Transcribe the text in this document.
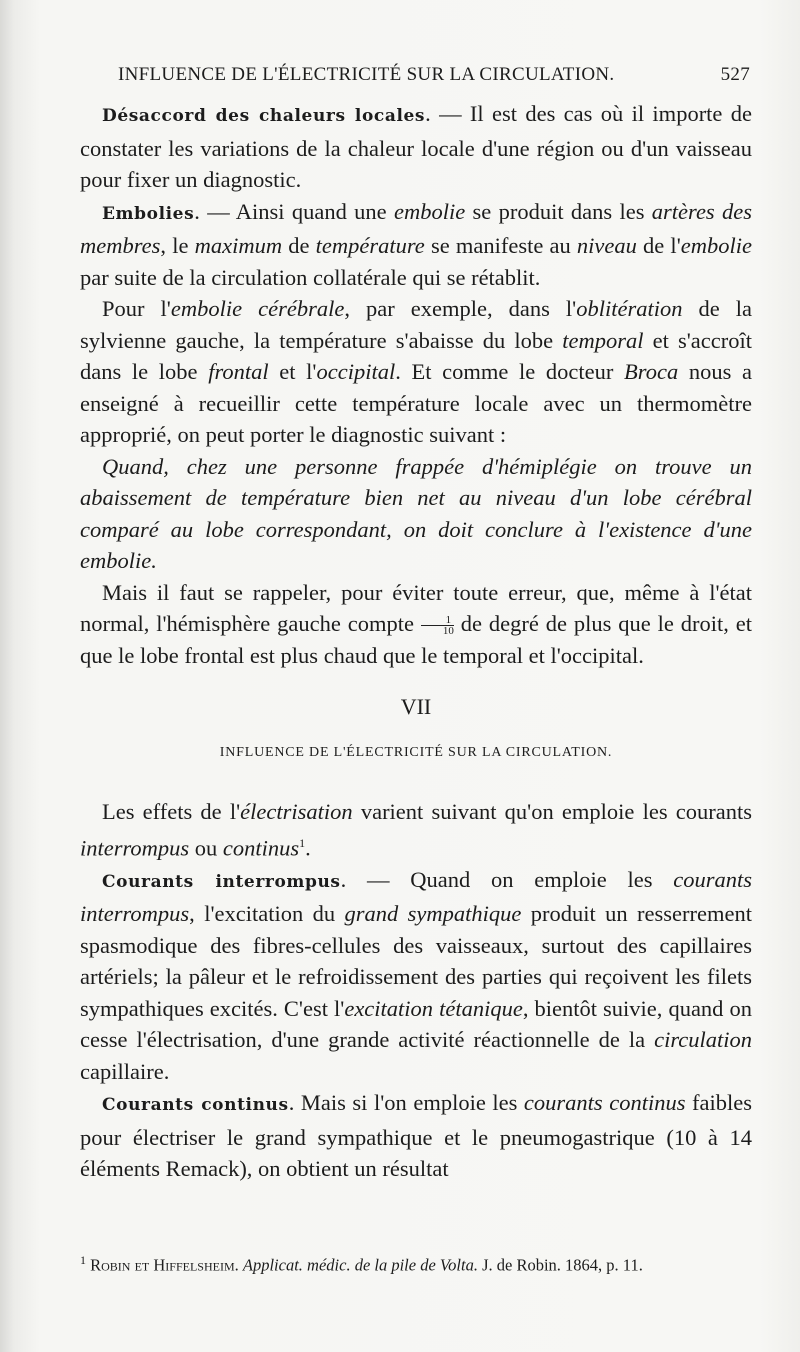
INFLUENCE DE L'ÉLECTRICITÉ SUR LA CIRCULATION.	527

Désaccord des chaleurs locales. — Il est des cas où il importe de constater les variations de la chaleur locale d'une région ou d'un vaisseau pour fixer un diagnostic.

Embolies. — Ainsi quand une embolie se produit dans les artères des membres, le maximum de température se manifeste au niveau de l'embolie par suite de la circulation collatérale qui se rétablit.

Pour l'embolie cérébrale, par exemple, dans l'oblitération de la sylvienne gauche, la température s'abaisse du lobe temporal et s'accroît dans le lobe frontal et l'occipital. Et comme le docteur Broca nous a enseigné à recueillir cette température locale avec un thermomètre approprié, on peut porter le diagnostic suivant :

Quand, chez une personne frappée d'hémiplégie on trouve un abaissement de température bien net au niveau d'un lobe cérébral comparé au lobe correspondant, on doit conclure à l'existence d'une embolie.

Mais il faut se rappeler, pour éviter toute erreur, que, même à l'état normal, l'hémisphère gauche compte $\frac{1}{10}$ de degré de plus que le droit, et que le lobe frontal est plus chaud que le temporal et l'occipital.

VII

INFLUENCE DE L'ÉLECTRICITÉ SUR LA CIRCULATION.

Les effets de l'électrisation varient suivant qu'on emploie les courants interrompus ou continus$^1$.

Courants interrompus. — Quand on emploie les courants interrompus, l'excitation du grand sympathique produit un resserrement spasmodique des fibres-cellules des vaisseaux, surtout des capillaires artériels; la pâleur et le refroidissement des parties qui reçoivent les filets sympathiques excités. C'est l'excitation tétanique, bientôt suivie, quand on cesse l'électrisation, d'une grande activité réactionnelle de la circulation capillaire.

Courants continus. Mais si l'on emploie les courants continus faibles pour électriser le grand sympathique et le pneumogastrique (10 à 14 éléments Remack), on obtient un résultat

$^1$ Robin et Hiffelsheim. Applicat. médic. de la pile de Volta. J. de Robin. 1864, p. 11.
